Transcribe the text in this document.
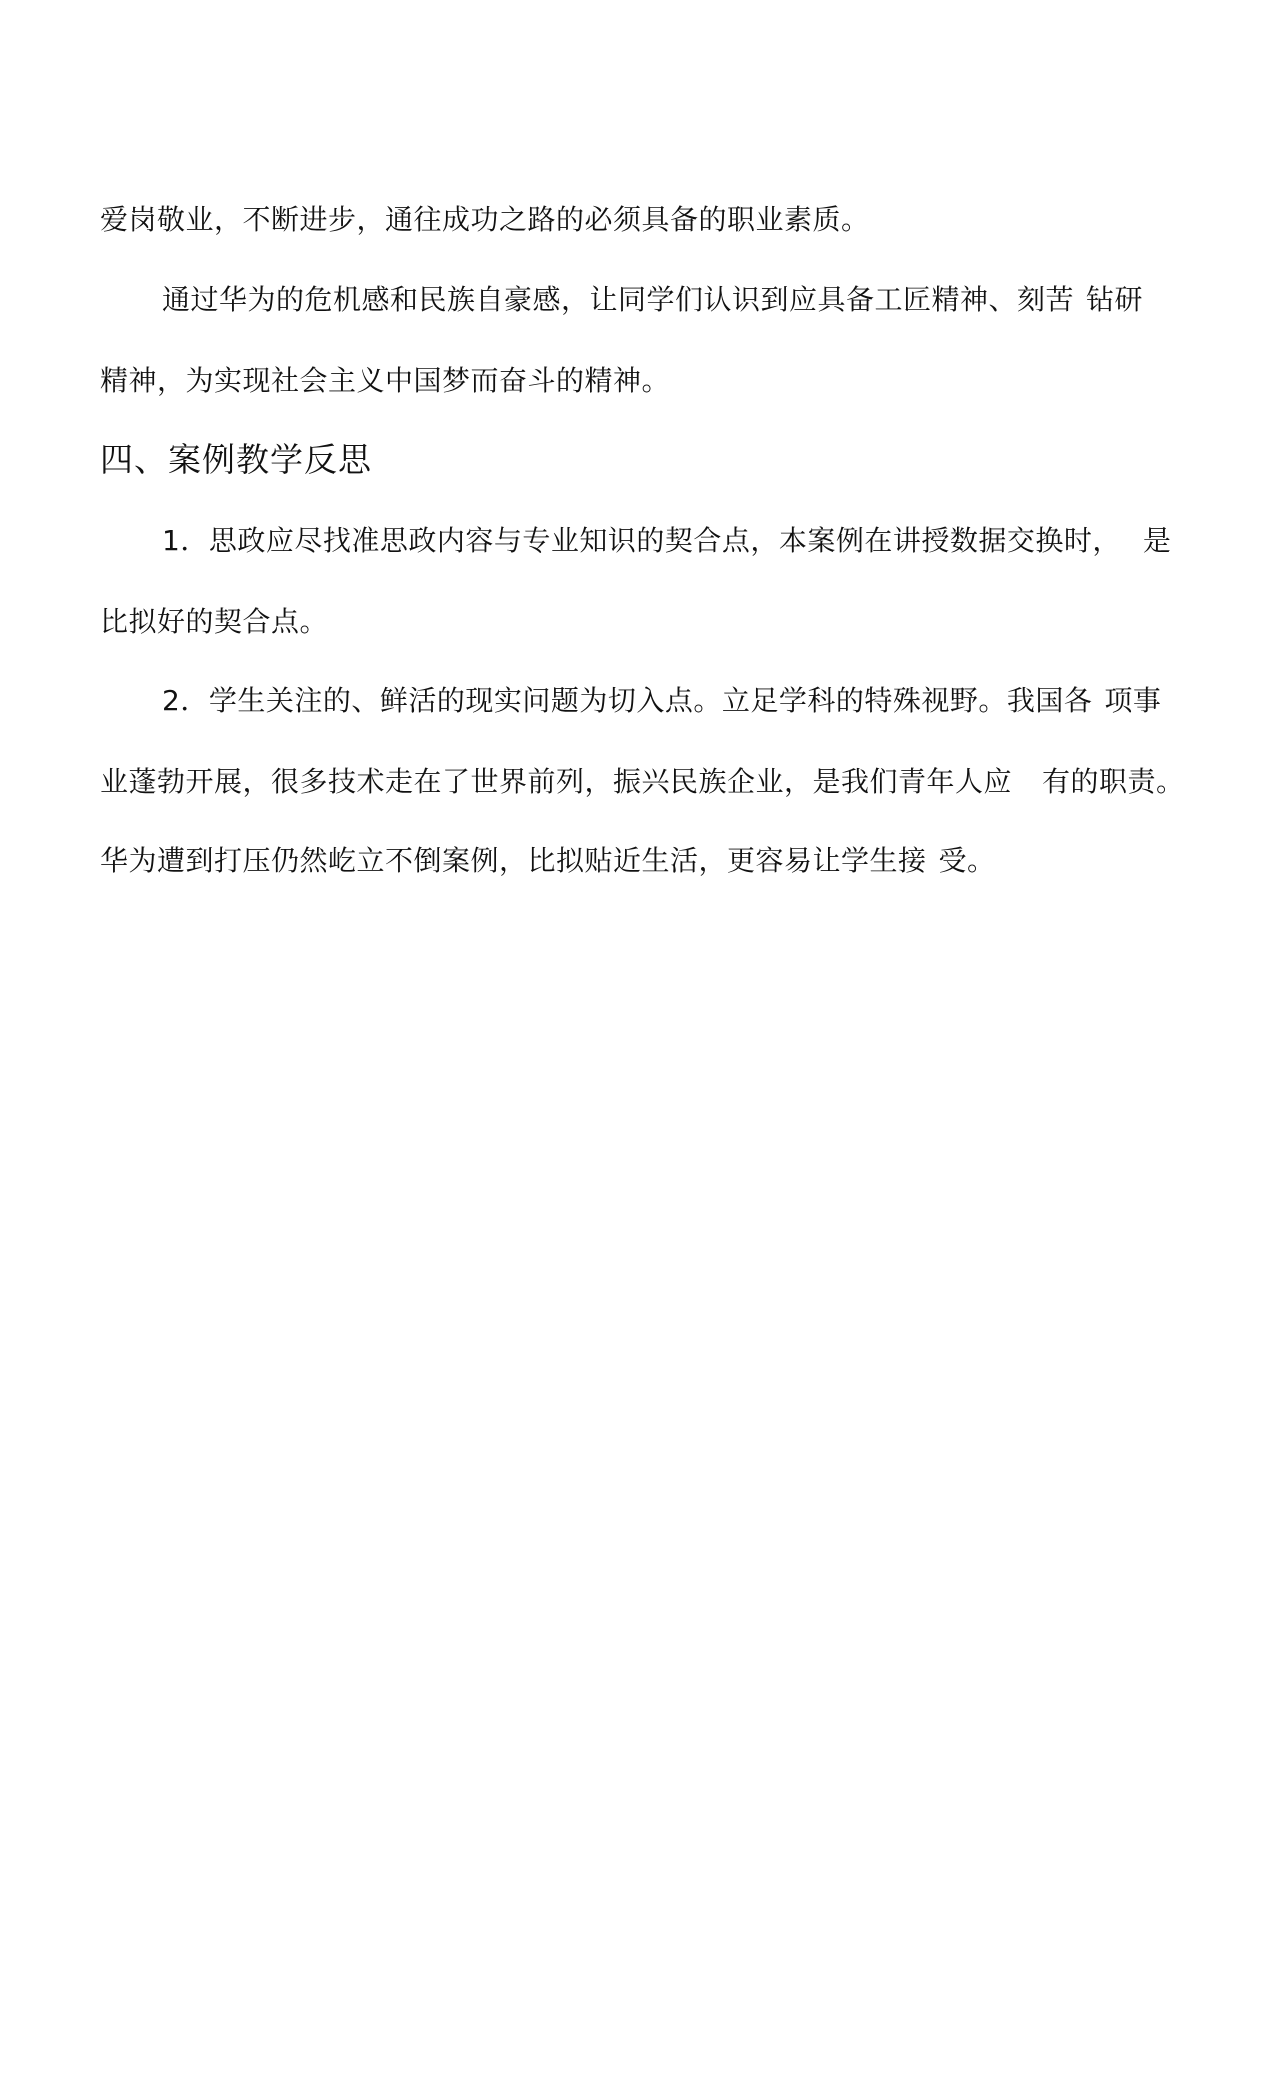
爱岗敬业，不断进步，通往成功之路的必须具备的职业素质。
通过华为的危机感和民族自豪感，让同学们认识到应具备工匠精神、刻苦 钻研
精神，为实现社会主义中国梦而奋斗的精神。
四、案例教学反思
1．思政应尽找准思政内容与专业知识的契合点，本案例在讲授数据交换时， 是
比拟好的契合点。
2．学生关注的、鲜活的现实问题为切入点。立足学科的特殊视野。我国各 项事
业蓬勃开展，很多技术走在了世界前列，振兴民族企业，是我们青年人应 有的职责。
华为遭到打压仍然屹立不倒案例，比拟贴近生活，更容易让学生接 受。
